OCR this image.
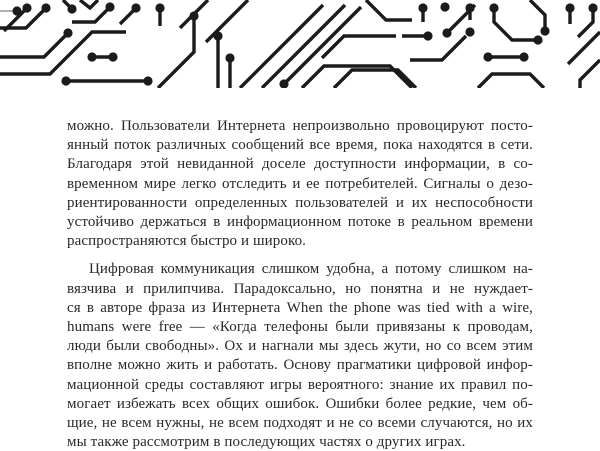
можно. Пользователи Интернета непроизвольно провоцируют посто-
янный поток различных сообщений все время, пока находятся в сети.
Благодаря этой невиданной доселе доступности информации, в со-
временном мире легко отследить и ее потребителей. Сигналы о дезо-
риентированности определенных пользователей и их неспособности
устойчиво держаться в информационном потоке в реальном времени
распространяются быстро и широко.
Цифровая коммуникация слишком удобна, а потому слишком на-
вязчива и прилипчива. Парадоксально, но понятна и не нуждает-
ся в авторе фраза из Интернета When the phone was tied with a wire,
humans were free — «Когда телефоны были привязаны к проводам,
люди были свободны». Ох и нагнали мы здесь жути, но со всем этим
вполне можно жить и работать. Основу прагматики цифровой инфор-
мационной среды составляют игры вероятного: знание их правил по-
могает избежать всех общих ошибок. Ошибки более редкие, чем об-
щие, не всем нужны, не всем подходят и не со всеми случаются, но их
мы также рассмотрим в последующих частях о других играх.
